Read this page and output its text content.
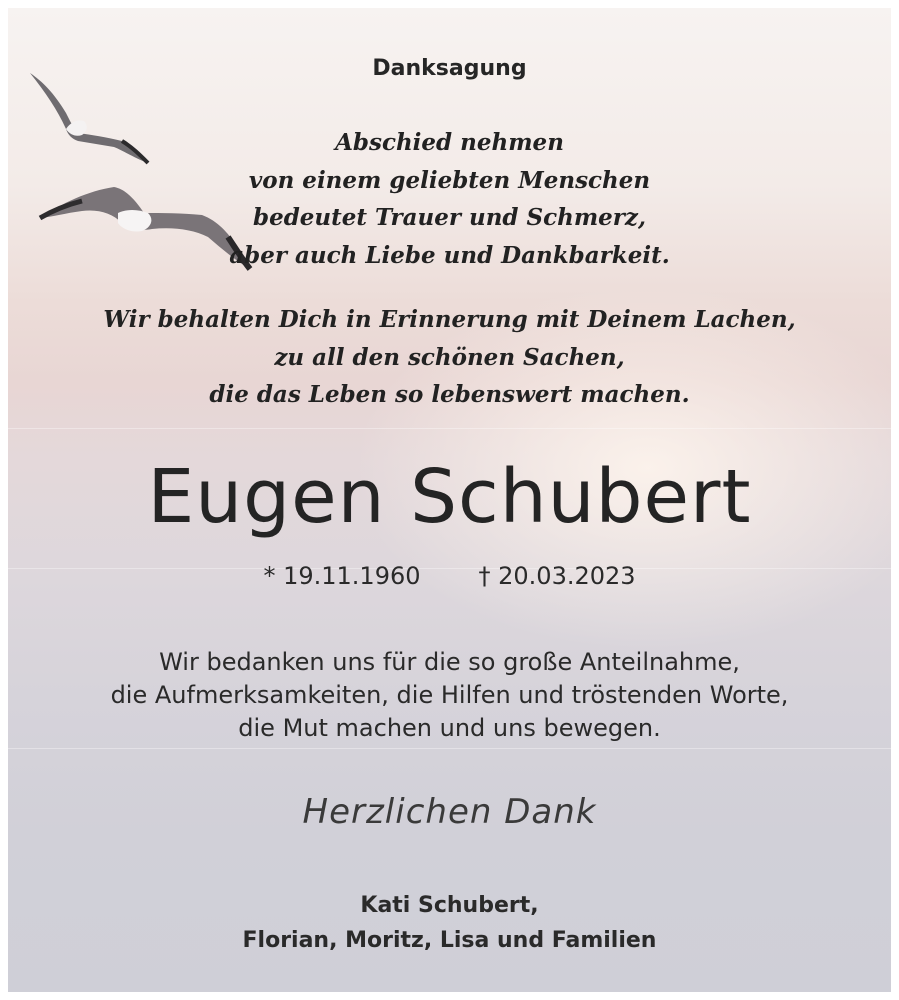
Danksagung
Abschied nehmen
von einem geliebten Menschen
bedeutet Trauer und Schmerz,
aber auch Liebe und Dankbarkeit.
Wir behalten Dich in Erinnerung mit Deinem Lachen,
zu all den schönen Sachen,
die das Leben so lebenswert machen.
Eugen Schubert
* 19.11.1960 † 20.03.2023
Wir bedanken uns für die so große Anteilnahme,
die Aufmerksamkeiten, die Hilfen und tröstenden Worte,
die Mut machen und uns bewegen.
Herzlichen Dank
Kati Schubert,
Florian, Moritz, Lisa und Familien
